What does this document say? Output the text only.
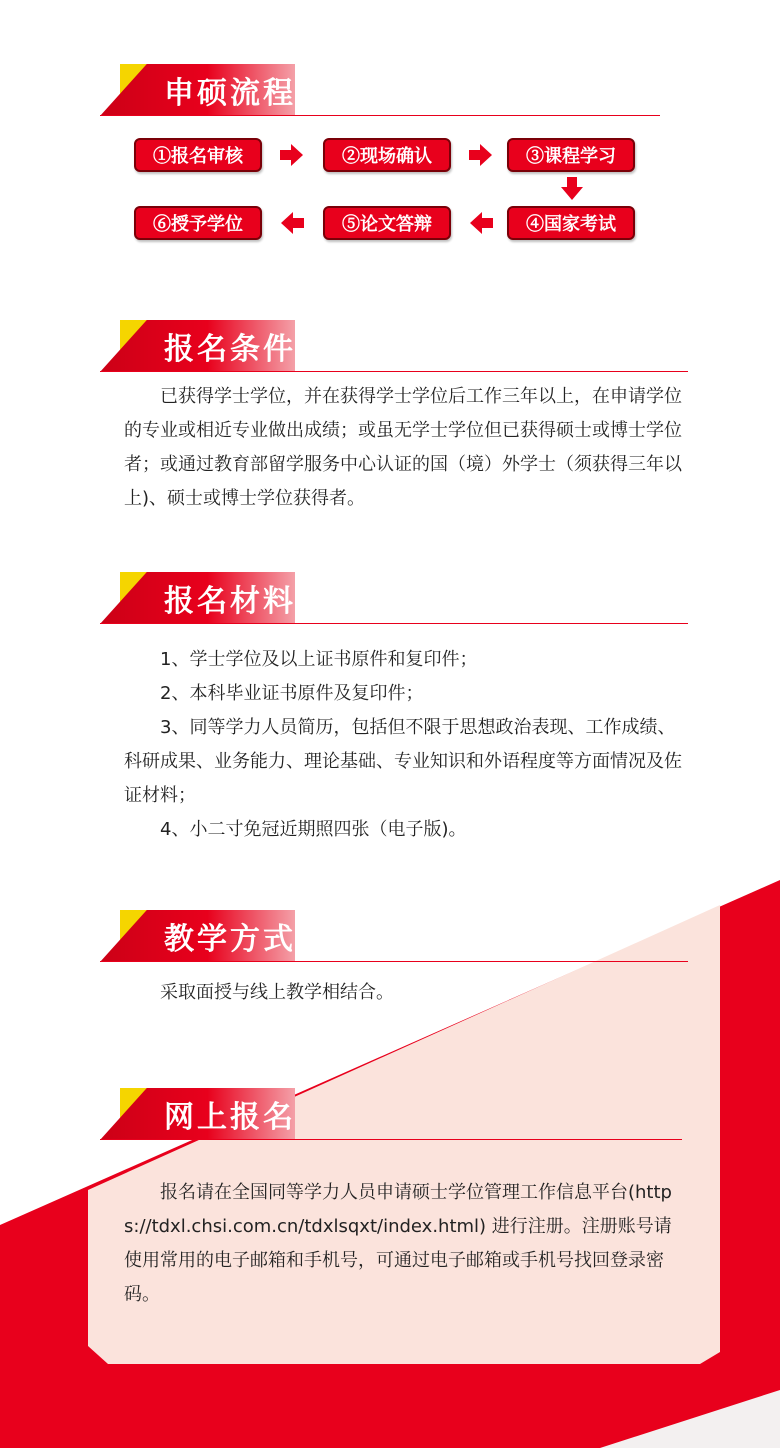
申硕流程
①报名审核	②现场确认	③课程学习
④国家考试
⑤论文答辩
⑥授予学位
报名条件

已获得学士学位，并在获得学士学位后工作三年以上，在申请学位的专业或相近专业做出成绩；或虽无学士学位但已获得硕士或博士学位者；或通过教育部留学服务中心认证的国（境）外学士（须获得三年以上)、硕士或博士学位获得者。

报名材料

1、学士学位及以上证书原件和复印件；

2、本科毕业证书原件及复印件；

3、同等学力人员简历，包括但不限于思想政治表现、工作成绩、科研成果、业务能力、理论基础、专业知识和外语程度等方面情况及佐证材料；

4、小二寸免冠近期照四张（电子版)。

教学方式

采取面授与线上教学相结合。

网上报名

报名请在全国同等学力人员申请硕士学位管理工作信息平台(https://tdxl.chsi.com.cn/tdxlsqxt/index.html) 进行注册。注册账号请使用常用的电子邮箱和手机号，可通过电子邮箱或手机号找回登录密码。
